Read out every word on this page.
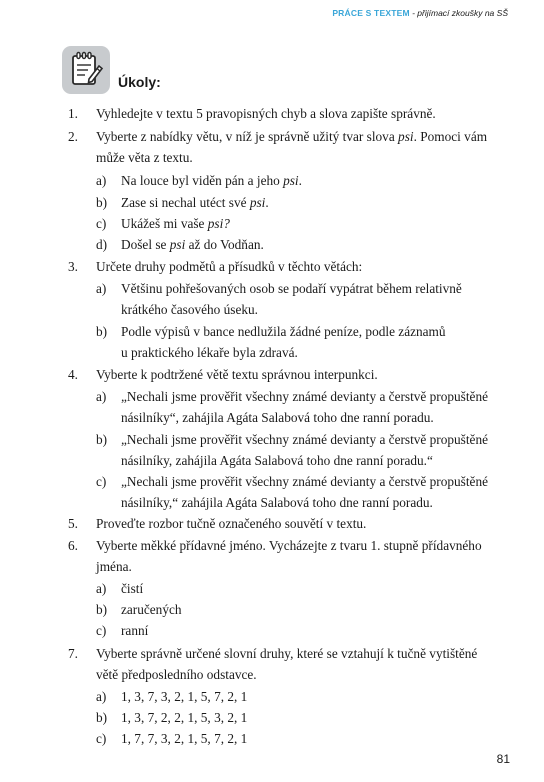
PRÁCE S TEXTEM - přijímací zkoušky na SŠ
Úkoly:
1. Vyhledejte v textu 5 pravopisných chyb a slova zapište správně.
2. Vyberte z nabídky větu, v níž je správně užitý tvar slova psi. Pomoci vám
může věta z textu.
a) Na louce byl viděn pán a jeho psi.
b) Zase si nechal utéct své psi.
c) Ukážeš mi vaše psi?
d) Došel se psi až do Vodňan.
3. Určete druhy podmětů a přísudků v těchto větách:
a) Většinu pohřešovaných osob se podaří vypátrat během relativně
krátkého časového úseku.
b) Podle výpisů v bance nedlužila žádné peníze, podle záznamů
u praktického lékaře byla zdravá.
4. Vyberte k podtržené větě textu správnou interpunkci.
a) „Nechali jsme prověřit všechny známé devianty a čerstvě propuštěné
násilníky“, zahájila Agáta Salabová toho dne ranní poradu.
b) „Nechali jsme prověřit všechny známé devianty a čerstvě propuštěné
násilníky, zahájila Agáta Salabová toho dne ranní poradu.“
c) „Nechali jsme prověřit všechny známé devianty a čerstvě propuštěné
násilníky,“ zahájila Agáta Salabová toho dne ranní poradu.
5. Proveďte rozbor tučně označeného souvětí v textu.
6. Vyberte měkké přídavné jméno. Vycházejte z tvaru 1. stupně přídavného
jména.
a) čistí
b) zaručených
c) ranní
7. Vyberte správně určené slovní druhy, které se vztahují k tučně vytištěné
větě předposledního odstavce.
a) 1, 3, 7, 3, 2, 1, 5, 7, 2, 1
b) 1, 3, 7, 2, 2, 1, 5, 3, 2, 1
c) 1, 7, 7, 3, 2, 1, 5, 7, 2, 1
81
